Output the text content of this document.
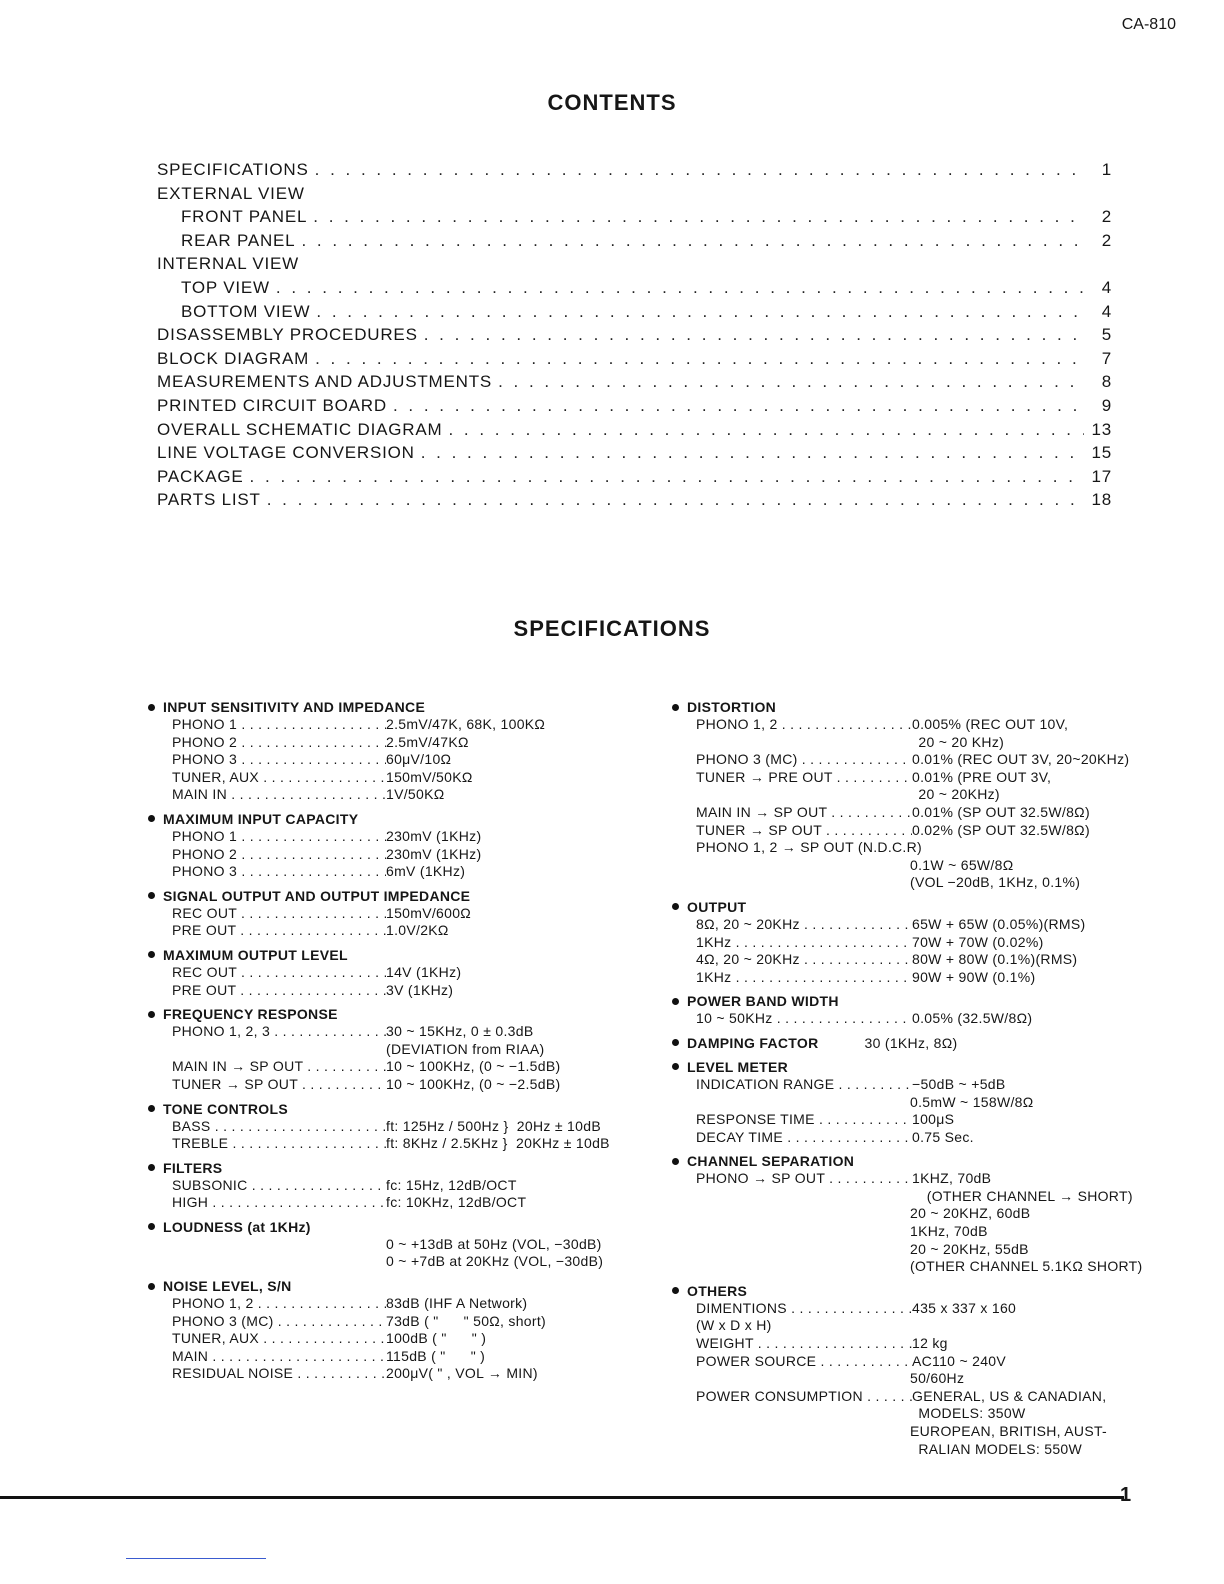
CA-810
CONTENTS
SPECIFICATIONS . . .	1
EXTERNAL VIEW
FRONT PANEL . . .	2
REAR PANEL . . .	2
INTERNAL VIEW
TOP VIEW . . .	4
BOTTOM VIEW . . .	4
DISASSEMBLY PROCEDURES . . .	5
BLOCK DIAGRAM . . .	7
MEASUREMENTS AND ADJUSTMENTS . . .	8
PRINTED CIRCUIT BOARD . . .	9
OVERALL SCHEMATIC DIAGRAM . . .	13
LINE VOLTAGE CONVERSION . . .	15
PACKAGE . . .	17
PARTS LIST . . .	18
SPECIFICATIONS
INPUT SENSITIVITY AND IMPEDANCE
PHONO 1 . . .	2.5mV/47K, 68K, 100KΩ
PHONO 2 . . .	2.5mV/47KΩ
PHONO 3 . . .	60μV/10Ω
TUNER, AUX . . .	150mV/50KΩ
MAIN IN . . .	1V/50KΩ
MAXIMUM INPUT CAPACITY
PHONO 1 . . .	230mV (1KHz)
PHONO 2 . . .	230mV (1KHz)
PHONO 3 . . .	6mV (1KHz)
SIGNAL OUTPUT AND OUTPUT IMPEDANCE
REC OUT . . .	150mV/600Ω
PRE OUT . . .	1.0V/2KΩ
MAXIMUM OUTPUT LEVEL
REC OUT . . .	14V (1KHz)
PRE OUT . . .	3V (1KHz)
FREQUENCY RESPONSE
PHONO 1, 2, 3 . . .	30 ~ 15KHz, 0 ± 0.3dB
(DEVIATION from RIAA)
MAIN IN → SP OUT . . .	10 ~ 100KHz, (0 ~ −1.5dB)
TUNER → SP OUT . . .	10 ~ 100KHz, (0 ~ −2.5dB)
TONE CONTROLS
BASS . . .	ft: 125Hz / 500Hz }  20Hz ± 10dB
TREBLE . . .	ft: 8KHz / 2.5KHz }  20KHz ± 10dB
FILTERS
SUBSONIC . . .	fc: 15Hz, 12dB/OCT
HIGH . . .	fc: 10KHz, 12dB/OCT
LOUDNESS (at 1KHz)
0 ~ +13dB at 50Hz (VOL, −30dB)
0 ~ +7dB at 20KHz (VOL, −30dB)
NOISE LEVEL, S/N
PHONO 1, 2 . . .	83dB (IHF A Network)
PHONO 3 (MC) . . .	73dB ( "      " 50Ω, short)
TUNER, AUX . . .	100dB ( "      " )
MAIN . . .	115dB ( "      " )
RESIDUAL NOISE . . .	200μV( " , VOL → MIN)
DISTORTION
PHONO 1, 2 . . .	0.005% (REC OUT 10V,
20 ~ 20 KHz)
PHONO 3 (MC) . . .	0.01% (REC OUT 3V, 20~20KHz)
TUNER → PRE OUT . . .	0.01% (PRE OUT 3V,
20 ~ 20KHz)
MAIN IN → SP OUT . . .	0.01% (SP OUT 32.5W/8Ω)
TUNER → SP OUT . . .	0.02% (SP OUT 32.5W/8Ω)
PHONO 1, 2 → SP OUT (N.D.C.R)
0.1W ~ 65W/8Ω
(VOL −20dB, 1KHz, 0.1%)
OUTPUT
8Ω, 20 ~ 20KHz . . .	65W + 65W (0.05%)(RMS)
1KHz . . .	70W + 70W (0.02%)
4Ω, 20 ~ 20KHz . . .	80W + 80W (0.1%)(RMS)
1KHz . . .	90W + 90W (0.1%)
POWER BAND WIDTH
10 ~ 50KHz . . .	0.05% (32.5W/8Ω)
DAMPING FACTOR	30 (1KHz, 8Ω)
LEVEL METER
INDICATION RANGE . . .	−50dB ~ +5dB
0.5mW ~ 158W/8Ω
RESPONSE TIME . . .	100μS
DECAY TIME . . .	0.75 Sec.
CHANNEL SEPARATION
PHONO → SP OUT . . .	1KHZ, 70dB
(OTHER CHANNEL → SHORT)
20 ~ 20KHZ, 60dB
1KHz, 70dB
20 ~ 20KHz, 55dB
(OTHER CHANNEL 5.1KΩ SHORT)
OTHERS
DIMENTIONS . . .	435 x 337 x 160
(W x D x H)
WEIGHT . . .	12 kg
POWER SOURCE . . .	AC110 ~ 240V
50/60Hz
POWER CONSUMPTION . . .	GENERAL, US & CANADIAN,
MODELS: 350W
EUROPEAN, BRITISH, AUST-
RALIAN MODELS: 550W
1
